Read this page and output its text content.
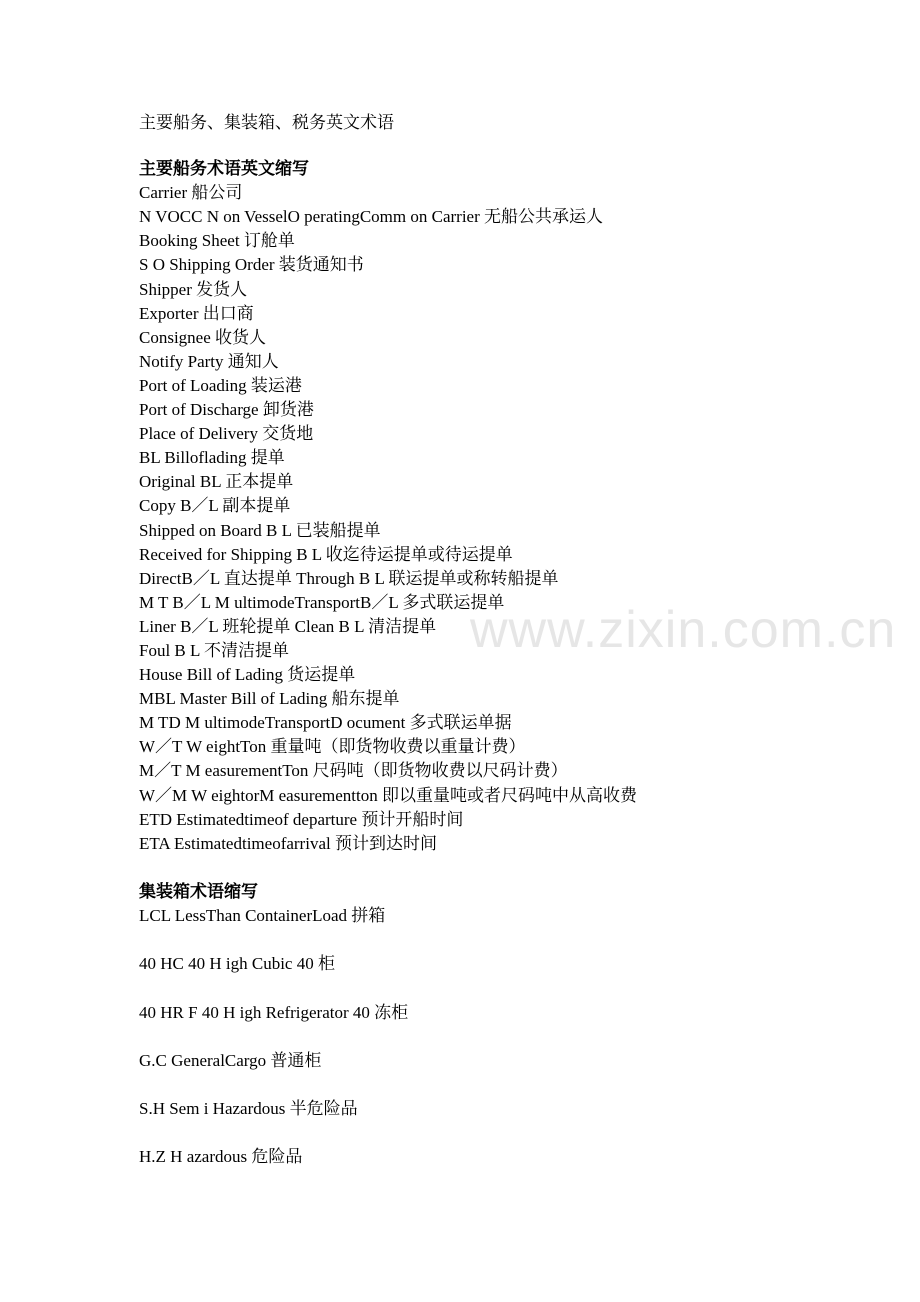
www.zixin.com.cn
主要船务、集装箱、税务英文术语
主要船务术语英文缩写
Carrier 船公司
N VOCC N on VesselO peratingComm on Carrier 无船公共承运人
Booking Sheet 订舱单
S O Shipping Order 装货通知书
Shipper 发货人
Exporter 出口商
Consignee 收货人
Notify Party 通知人
Port of Loading 装运港
Port of Discharge 卸货港
Place of Delivery 交货地
BL Billoflading 提单
Original BL 正本提单
Copy B／L 副本提单
Shipped on Board B L 已装船提单
Received for Shipping B L 收迄待运提单或待运提单
DirectB／L 直达提单 Through B L 联运提单或称转船提单
M T B／L M ultimodeTransportB／L 多式联运提单
Liner B／L 班轮提单 Clean B L 清洁提单
Foul B L 不清洁提单
House Bill of Lading 货运提单
MBL Master Bill of Lading 船东提单
M TD M ultimodeTransportD ocument 多式联运单据
W／T W eightTon 重量吨（即货物收费以重量计费）
M／T M easurementTon 尺码吨（即货物收费以尺码计费）
W／M W eightorM easurementton 即以重量吨或者尺码吨中从高收费
ETD Estimatedtimeof departure 预计开船时间
ETA Estimatedtimeofarrival 预计到达时间
集装箱术语缩写
LCL LessThan ContainerLoad 拼箱
40 HC 40 H igh Cubic 40 柜
40 HR F 40 H igh Refrigerator 40 冻柜
G.C GeneralCargo 普通柜
S.H Sem i Hazardous 半危险品
H.Z H azardous 危险品
